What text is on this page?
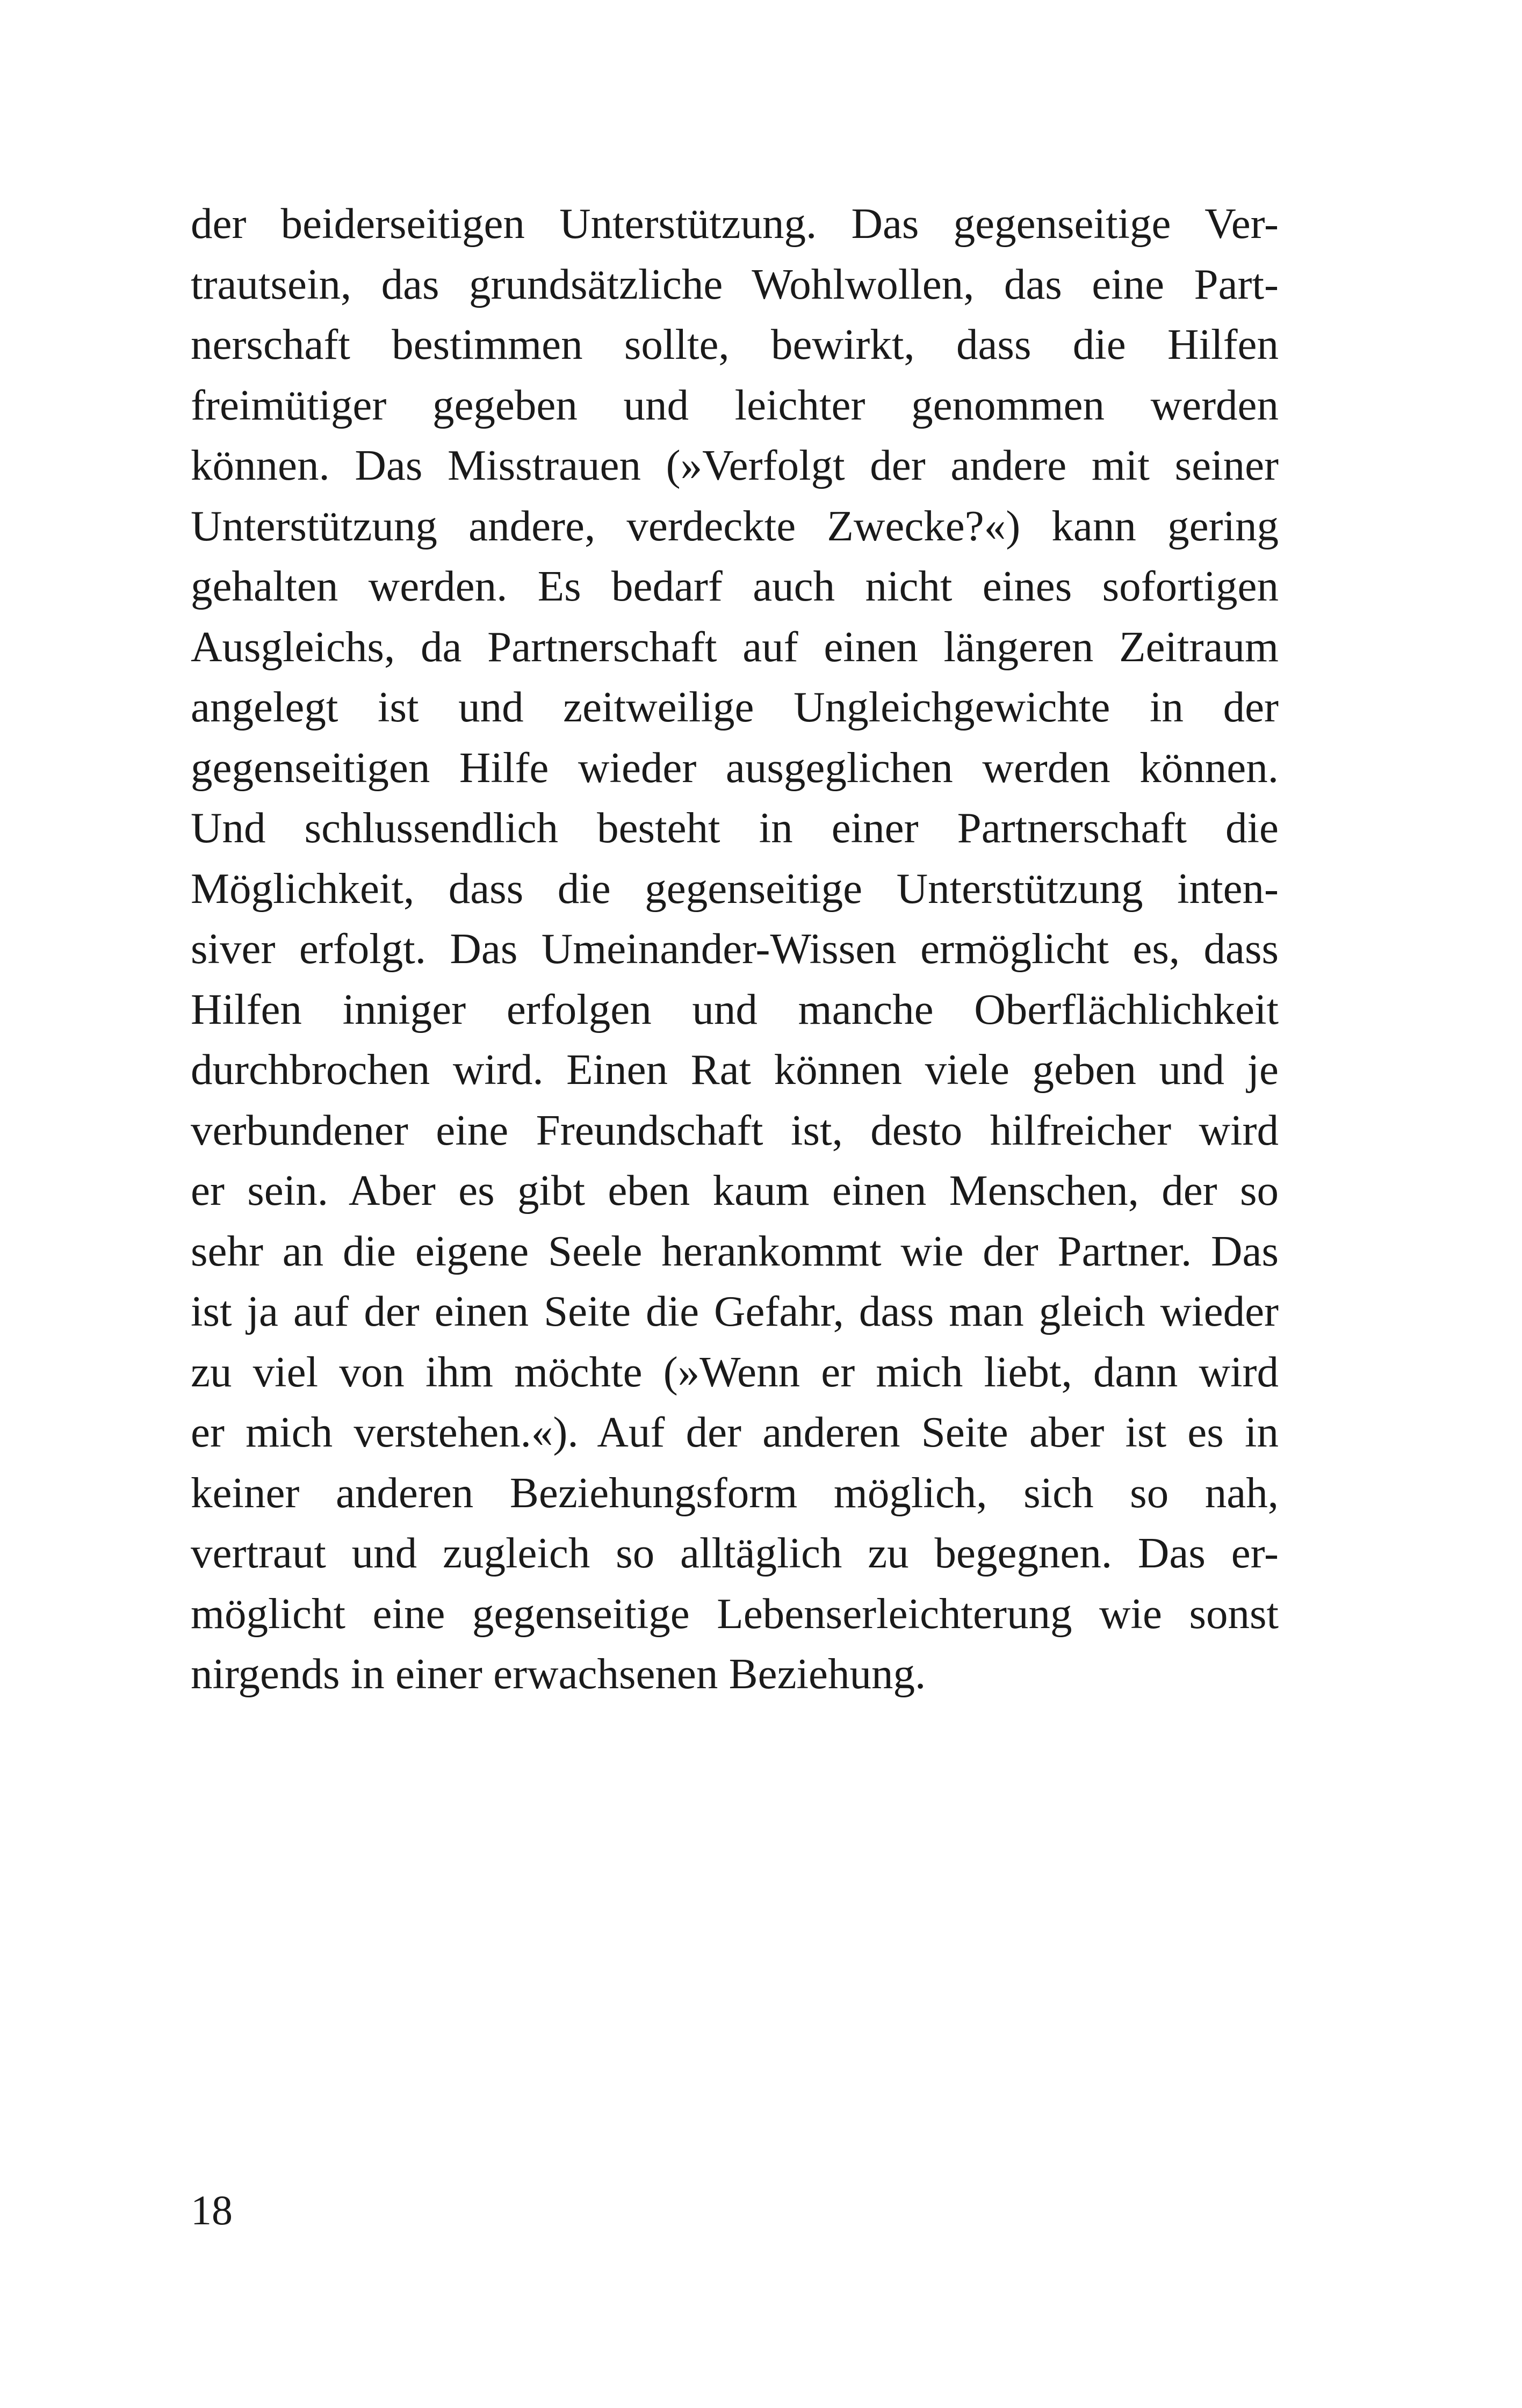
der beiderseitigen Unterstützung. Das gegenseitige Ver-
trautsein, das grundsätzliche Wohlwollen, das eine Part-
nerschaft bestimmen sollte, bewirkt, dass die Hilfen
freimütiger gegeben und leichter genommen werden
können. Das Misstrauen (»Verfolgt der andere mit seiner
Unterstützung andere, verdeckte Zwecke?«) kann gering
gehalten werden. Es bedarf auch nicht eines sofortigen
Ausgleichs, da Partnerschaft auf einen längeren Zeitraum
angelegt ist und zeitweilige Ungleichgewichte in der
gegenseitigen Hilfe wieder ausgeglichen werden können.
Und schlussendlich besteht in einer Partnerschaft die
Möglichkeit, dass die gegenseitige Unterstützung inten-
siver erfolgt. Das Umeinander-Wissen ermöglicht es, dass
Hilfen inniger erfolgen und manche Oberflächlichkeit
durchbrochen wird. Einen Rat können viele geben und je
verbundener eine Freundschaft ist, desto hilfreicher wird
er sein. Aber es gibt eben kaum einen Menschen, der so
sehr an die eigene Seele herankommt wie der Partner. Das
ist ja auf der einen Seite die Gefahr, dass man gleich wieder
zu viel von ihm möchte (»Wenn er mich liebt, dann wird
er mich verstehen.«). Auf der anderen Seite aber ist es in
keiner anderen Beziehungsform möglich, sich so nah,
vertraut und zugleich so alltäglich zu begegnen. Das er-
möglicht eine gegenseitige Lebenserleichterung wie sonst
nirgends in einer erwachsenen Beziehung.
18
